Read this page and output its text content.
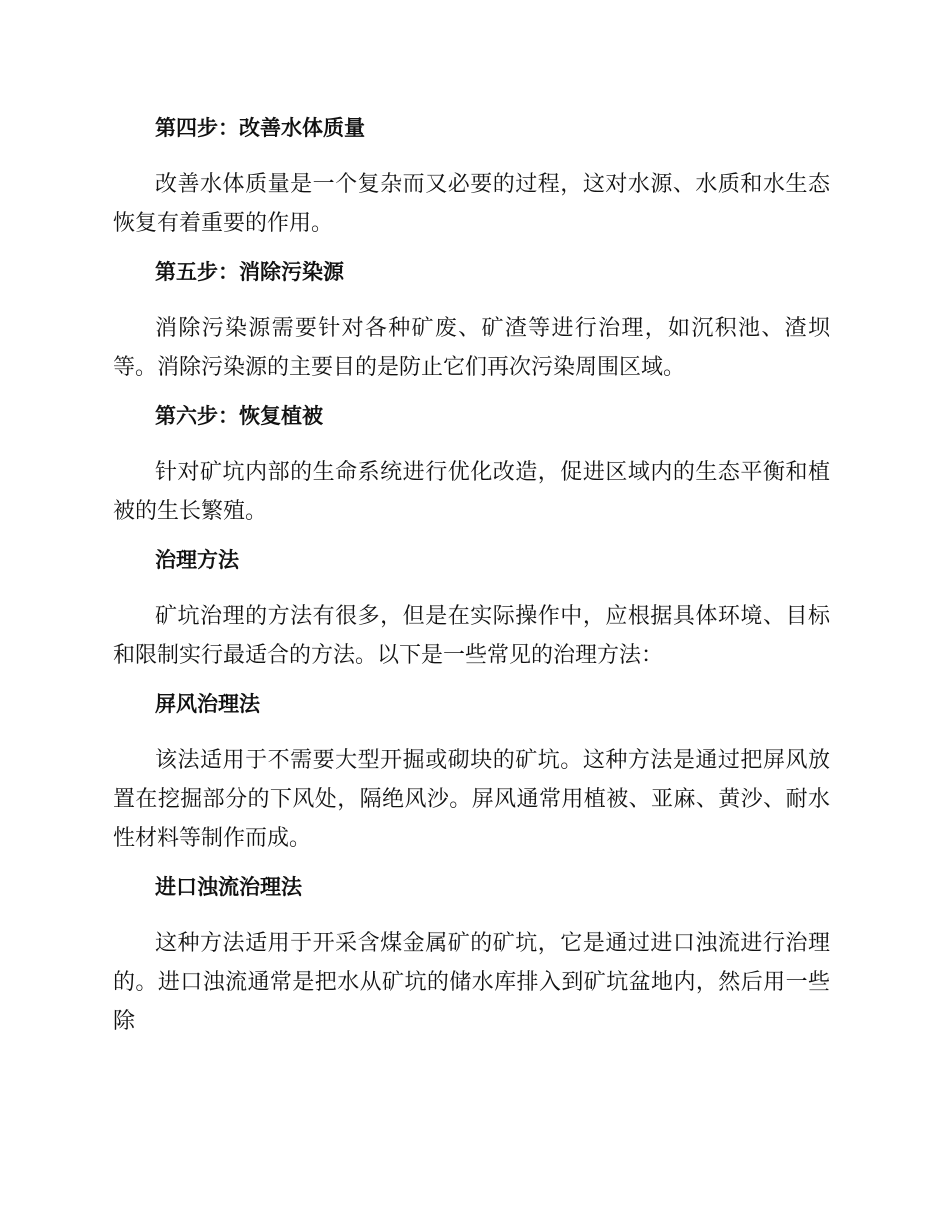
第四步：改善水体质量

改善水体质量是一个复杂而又必要的过程，这对水源、水质和水生态恢复有着重要的作用。

第五步：消除污染源

消除污染源需要针对各种矿废、矿渣等进行治理，如沉积池、渣坝等。消除污染源的主要目的是防止它们再次污染周围区域。

第六步：恢复植被

针对矿坑内部的生命系统进行优化改造，促进区域内的生态平衡和植被的生长繁殖。

治理方法

矿坑治理的方法有很多，但是在实际操作中，应根据具体环境、目标和限制实行最适合的方法。以下是一些常见的治理方法：

屏风治理法

该法适用于不需要大型开掘或砌块的矿坑。这种方法是通过把屏风放置在挖掘部分的下风处，隔绝风沙。屏风通常用植被、亚麻、黄沙、耐水性材料等制作而成。

进口浊流治理法

这种方法适用于开采含煤金属矿的矿坑，它是通过进口浊流进行治理的。进口浊流通常是把水从矿坑的储水库排入到矿坑盆地内，然后用一些除
